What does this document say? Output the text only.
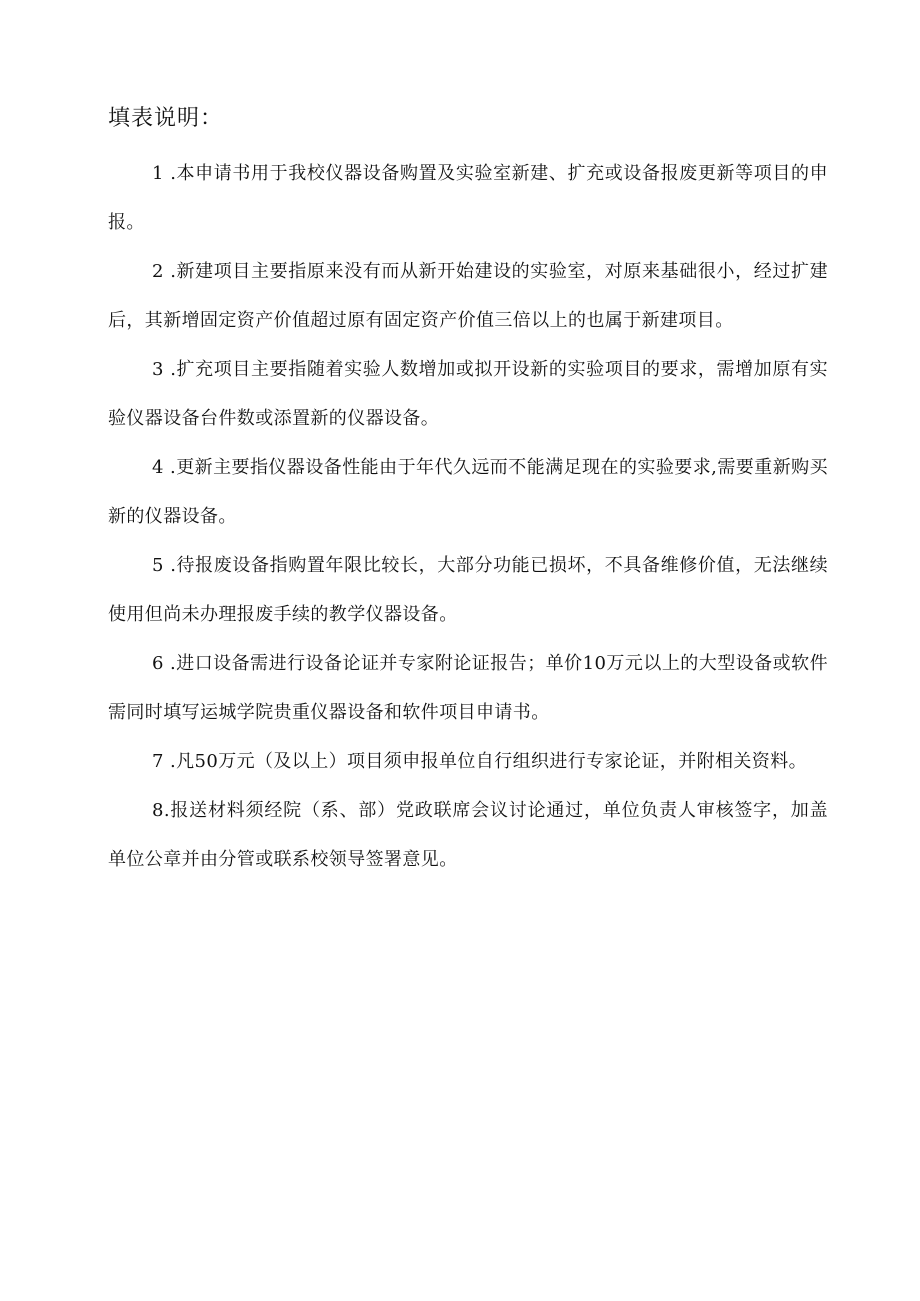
填表说明：

1 .本申请书用于我校仪器设备购置及实验室新建、扩充或设备报废更新等项目的申报。

2 .新建项目主要指原来没有而从新开始建设的实验室，对原来基础很小，经过扩建后，其新增固定资产价值超过原有固定资产价值三倍以上的也属于新建项目。

3 .扩充项目主要指随着实验人数增加或拟开设新的实验项目的要求，需增加原有实验仪器设备台件数或添置新的仪器设备。

4 .更新主要指仪器设备性能由于年代久远而不能满足现在的实验要求,需要重新购买新的仪器设备。

5 .待报废设备指购置年限比较长，大部分功能已损坏，不具备维修价值，无法继续使用但尚未办理报废手续的教学仪器设备。

6 .进口设备需进行设备论证并专家附论证报告；单价10万元以上的大型设备或软件需同时填写运城学院贵重仪器设备和软件项目申请书。

7 .凡50万元（及以上）项目须申报单位自行组织进行专家论证，并附相关资料。

8.报送材料须经院（系、部）党政联席会议讨论通过，单位负责人审核签字，加盖单位公章并由分管或联系校领导签署意见。
